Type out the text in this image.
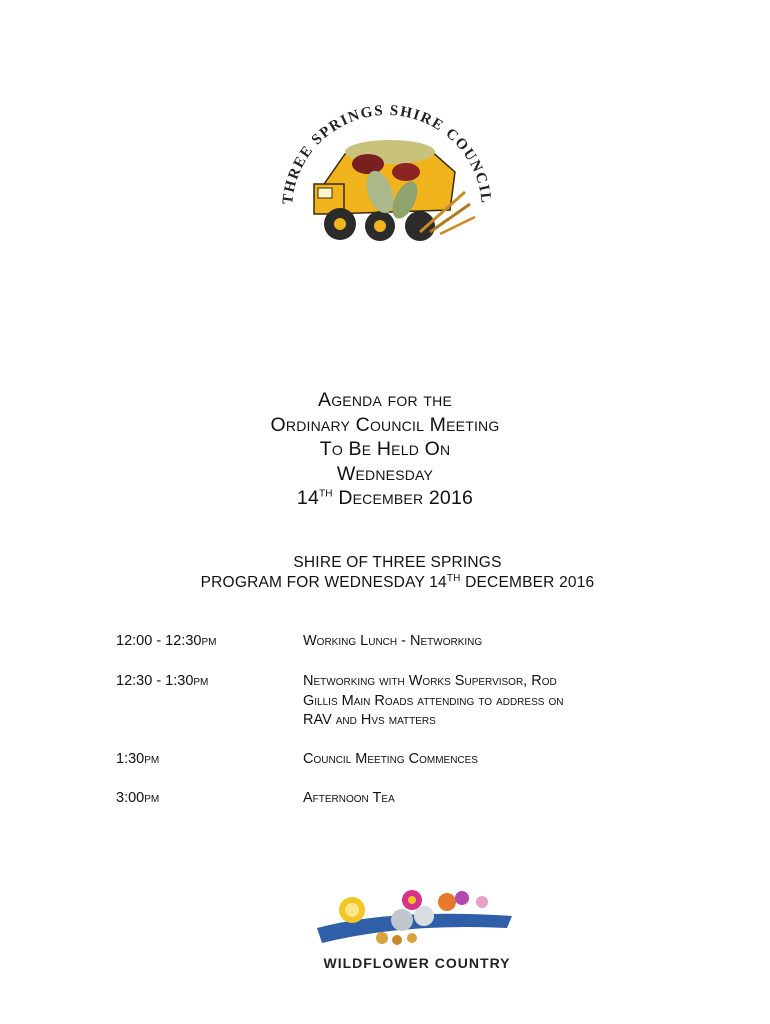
THREE SPRINGS SHIRE COUNCIL
Agenda for the
Ordinary Council Meeting
To Be Held On
Wednesday
14TH December 2016
SHIRE OF THREE SPRINGS
PROGRAM FOR WEDNESDAY 14TH DECEMBER 2016
12:00 - 12:30pm	Working Lunch - Networking
12:30 - 1:30pm	Networking with Works Supervisor, Rod
Gillis Main Roads attending to address on
RAV and Hvs matters
1:30pm	Council Meeting Commences
3:00pm	Afternoon Tea
WILDFLOWER COUNTRY
